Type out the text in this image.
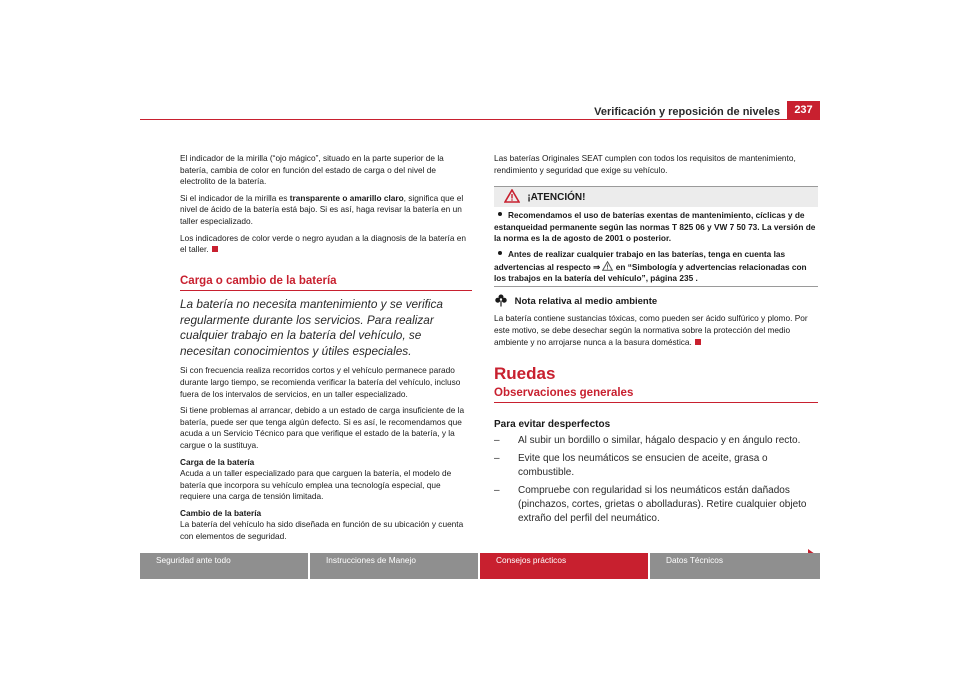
Verificación y reposición de niveles	237

El indicador de la mirilla (“ojo mágico”, situado en la parte superior de la batería, cambia de color en función del estado de carga o del nivel de electrolito de la batería.

Si el indicador de la mirilla es transparente o amarillo claro, significa que el nivel de ácido de la batería está bajo. Si es así, haga revisar la batería en un taller especializado.

Los indicadores de color verde o negro ayudan a la diagnosis de la batería en el taller.

Carga o cambio de la batería
La batería no necesita mantenimiento y se verifica regularmente durante los servicios. Para realizar cualquier trabajo en la batería del vehículo, se necesitan conocimientos y útiles especiales.

Si con frecuencia realiza recorridos cortos y el vehículo permanece parado durante largo tiempo, se recomienda verificar la batería del vehículo, incluso fuera de los intervalos de servicios, en un taller especializado.

Si tiene problemas al arrancar, debido a un estado de carga insuficiente de la batería, puede ser que tenga algún defecto. Si es así, le recomendamos que acuda a un Servicio Técnico para que verifique el estado de la batería, y la cargue o la sustituya.

Carga de la batería

Acuda a un taller especializado para que carguen la batería, el modelo de batería que incorpora su vehículo emplea una tecnología especial, que requiere una carga de tensión limitada.

Cambio de la batería

La batería del vehículo ha sido diseñada en función de su ubicación y cuenta con elementos de seguridad.

Las baterías Originales SEAT cumplen con todos los requisitos de mantenimiento, rendimiento y seguridad que exige su vehículo.

¡ATENCIÓN!
Recomendamos el uso de baterías exentas de mantenimiento, cíclicas y de estanqueidad permanente según las normas T 825 06 y VW 7 50 73. La versión de la norma es la de agosto de 2001 o posterior.
Antes de realizar cualquier trabajo en las baterías, tenga en cuenta las advertencias al respecto ⇒  en “Simbología y advertencias relacionadas con los trabajos en la batería del vehículo”, página 235 .
Nota relativa al medio ambiente

La batería contiene sustancias tóxicas, como pueden ser ácido sulfúrico y plomo. Por este motivo, se debe desechar según la normativa sobre la protección del medio ambiente y no arrojarse nunca a la basura doméstica.

Ruedas
Observaciones generales
Para evitar desperfectos
– Al subir un bordillo o similar, hágalo despacio y en ángulo recto.
– Evite que los neumáticos se ensucien de aceite, grasa o combustible.
– Compruebe con regularidad si los neumáticos están dañados (pinchazos, cortes, grietas o abolladuras). Retire cualquier objeto extraño del perfil del neumático.
Seguridad ante todo	Instrucciones de Manejo	Consejos prácticos	Datos Técnicos
